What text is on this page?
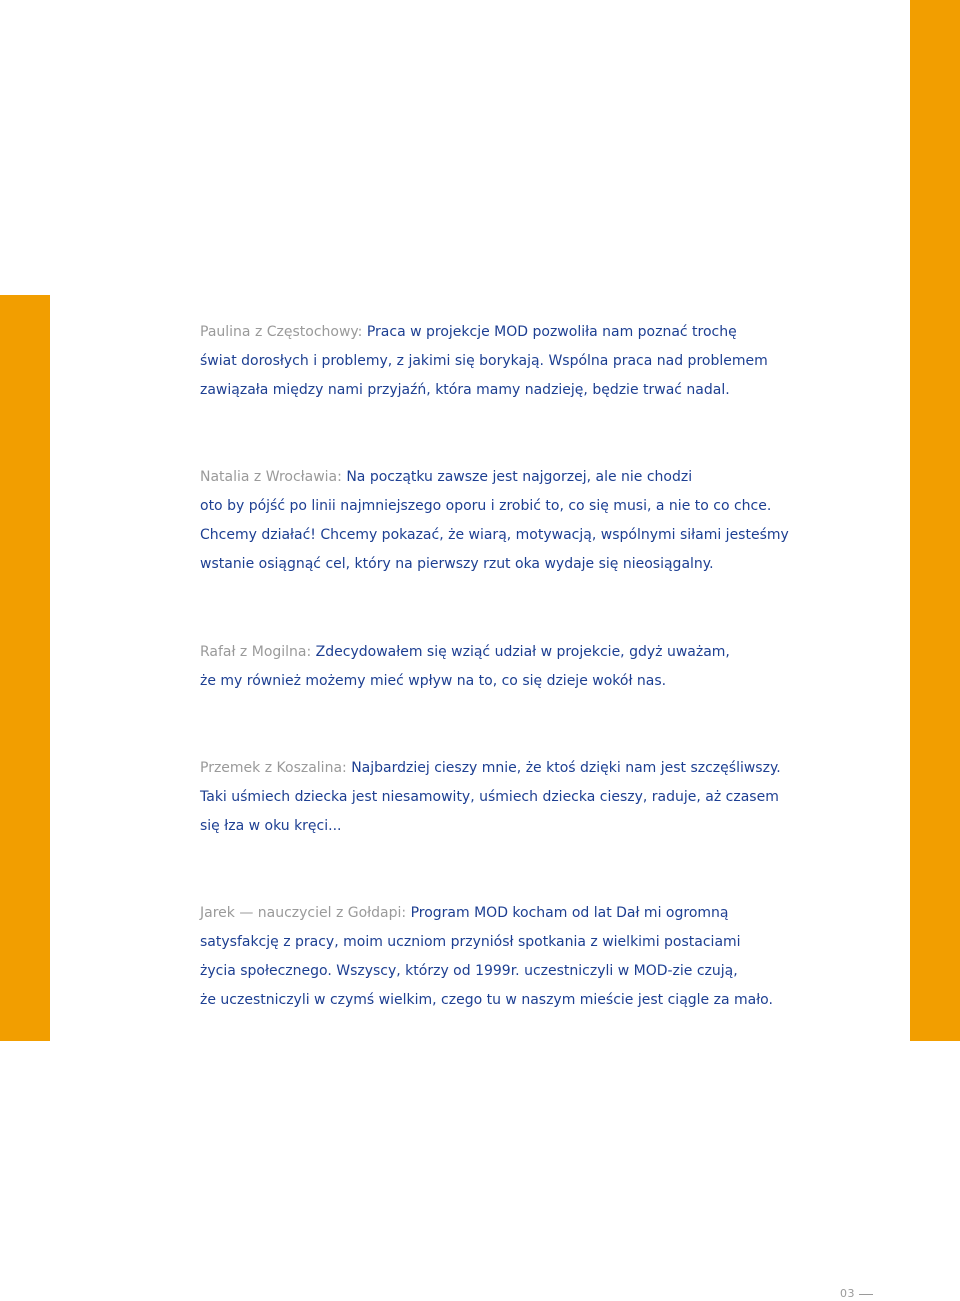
Paulina z Częstochowy: Praca w projekcje MOD pozwoliła nam poznać trochę
świat dorosłych i problemy, z jakimi się borykają. Wspólna praca nad problemem
zawiązała między nami przyjaźń, która mamy nadzieję, będzie trwać nadal.

Natalia z Wrocławia: Na początku zawsze jest najgorzej, ale nie chodzi
oto by pójść po linii najmniejszego oporu i zrobić to, co się musi, a nie to co chce.
Chcemy działać! Chcemy pokazać, że wiarą, motywacją, wspólnymi siłami jesteśmy
wstanie osiągnąć cel, który na pierwszy rzut oka wydaje się nieosiągalny.

Rafał z Mogilna: Zdecydowałem się wziąć udział w projekcie, gdyż uważam,
że my również możemy mieć wpływ na to, co się dzieje wokół nas.

Przemek z Koszalina: Najbardziej cieszy mnie, że ktoś dzięki nam jest szczęśliwszy.
Taki uśmiech dziecka jest niesamowity, uśmiech dziecka cieszy, raduje, aż czasem
się łza w oku kręci...

Jarek — nauczyciel z Gołdapi: Program MOD kocham od lat Dał mi ogromną
satysfakcję z pracy, moim uczniom przyniósł spotkania z wielkimi postaciami
życia społecznego. Wszyscy, którzy od 1999r. uczestniczyli w MOD-zie czują,
że uczestniczyli w czymś wielkim, czego tu w naszym mieście jest ciągle za mało.

03
